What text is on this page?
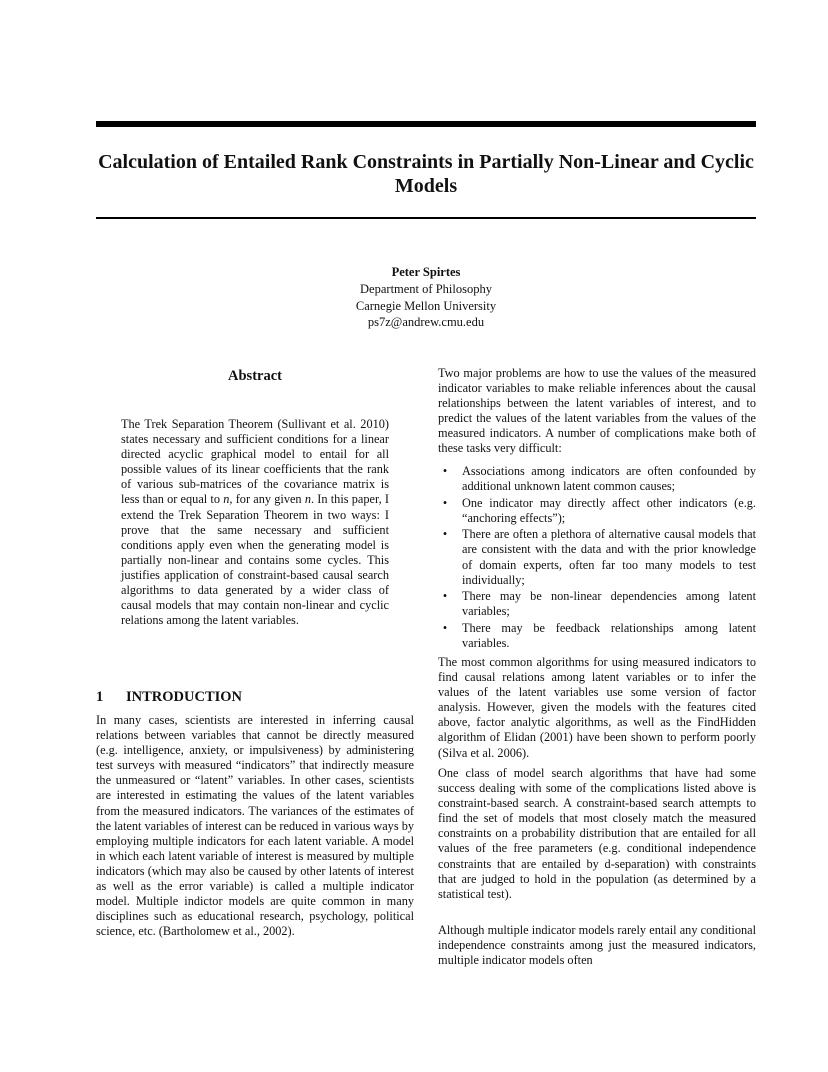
Calculation of Entailed Rank Constraints in Partially Non-Linear and Cyclic Models
Peter Spirtes
Department of Philosophy
Carnegie Mellon University
ps7z@andrew.cmu.edu
Abstract

The Trek Separation Theorem (Sullivant et al. 2010) states necessary and sufficient conditions for a linear directed acyclic graphical model to entail for all possible values of its linear coefficients that the rank of various sub-matrices of the covariance matrix is less than or equal to n, for any given n. In this paper, I extend the Trek Separation Theorem in two ways: I prove that the same necessary and sufficient conditions apply even when the generating model is partially non-linear and contains some cycles. This justifies application of constraint-based causal search algorithms to data generated by a wider class of causal models that may contain non-linear and cyclic relations among the latent variables.

1 INTRODUCTION

In many cases, scientists are interested in inferring causal relations between variables that cannot be directly measured (e.g. intelligence, anxiety, or impulsiveness) by administering test surveys with measured “indicators” that indirectly measure the unmeasured or “latent” variables. In other cases, scientists are interested in estimating the values of the latent variables from the measured indicators. The variances of the estimates of the latent variables of interest can be reduced in various ways by employing multiple indicators for each latent variable. A model in which each latent variable of interest is measured by multiple indicators (which may also be caused by other latents of interest as well as the error variable) is called a multiple indicator model. Multiple indictor models are quite common in many disciplines such as educational research, psychology, political science, etc. (Bartholomew et al., 2002).

Two major problems are how to use the values of the measured indicator variables to make reliable inferences about the causal relationships between the latent variables of interest, and to predict the values of the latent variables from the values of the measured indicators. A number of complications make both of these tasks very difficult:

• Associations among indicators are often confounded by additional unknown latent common causes;
• One indicator may directly affect other indicators (e.g. “anchoring effects”);
• There are often a plethora of alternative causal models that are consistent with the data and with the prior knowledge of domain experts, often far too many models to test individually;
• There may be non-linear dependencies among latent variables;
• There may be feedback relationships among latent variables.

The most common algorithms for using measured indicators to find causal relations among latent variables or to infer the values of the latent variables use some version of factor analysis. However, given the models with the features cited above, factor analytic algorithms, as well as the FindHidden algorithm of Elidan (2001) have been shown to perform poorly (Silva et al. 2006).

One class of model search algorithms that have had some success dealing with some of the complications listed above is constraint-based search. A constraint-based search attempts to find the set of models that most closely match the measured constraints on a probability distribution that are entailed for all values of the free parameters (e.g. conditional independence constraints that are entailed by d-separation) with constraints that are judged to hold in the population (as determined by a statistical test).

Although multiple indicator models rarely entail any conditional independence constraints among just the measured indicators, multiple indicator models often
